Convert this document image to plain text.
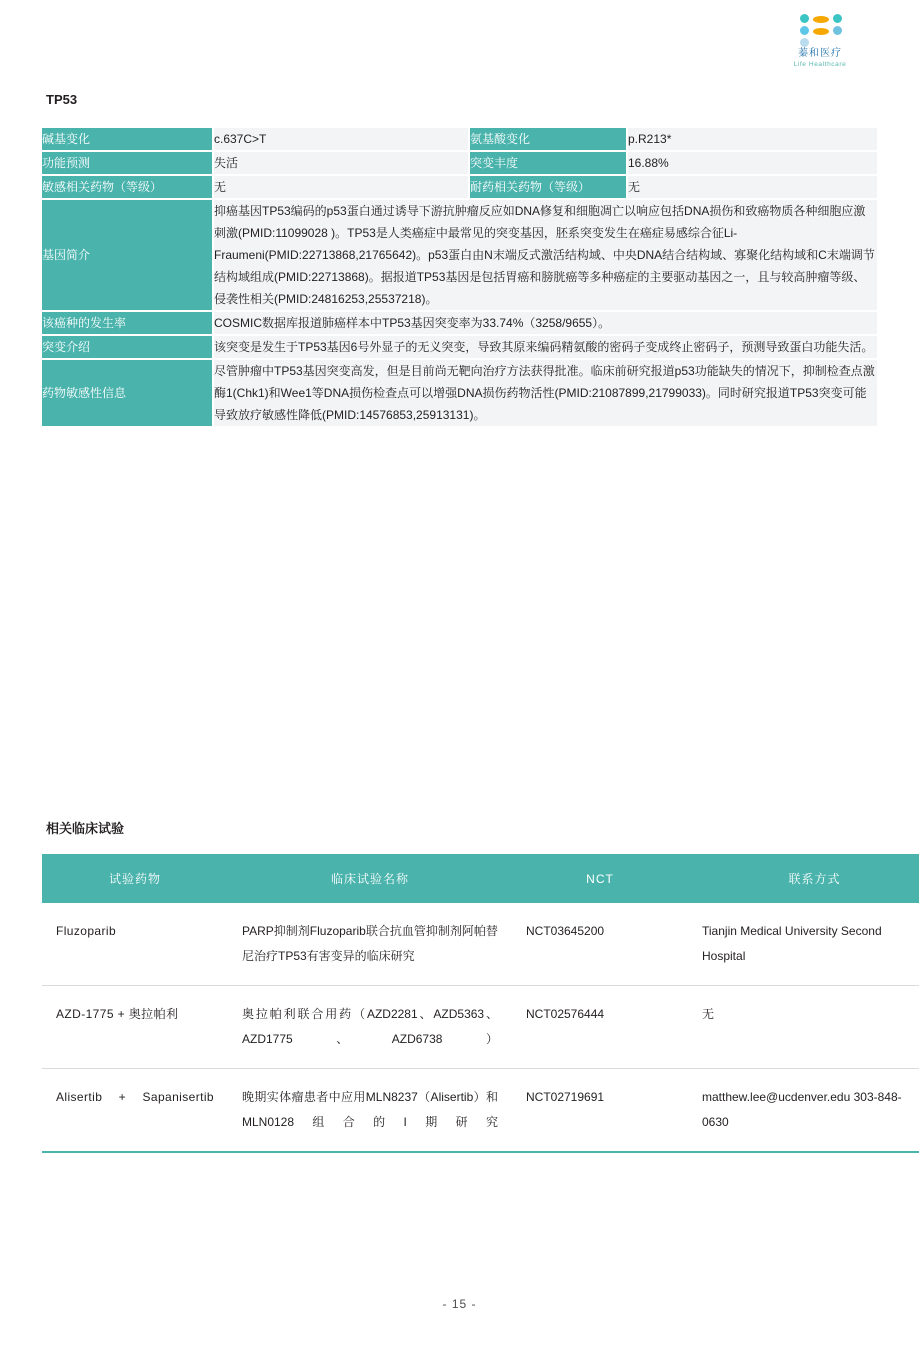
蓁和医疗
Life Healthcare
TP53
碱基变化	c.637C>T	氨基酸变化	p.R213*
功能预测	失活	突变丰度	16.88%
敏感相关药物（等级）	无	耐药相关药物（等级）	无
基因简介	抑癌基因TP53编码的p53蛋白通过诱导下游抗肿瘤反应如DNA修复和细胞凋亡以响应包括DNA损伤和致癌物质各种细胞应激刺激(PMID:11099028 )。TP53是人类癌症中最常见的突变基因，胚系突变发生在癌症易感综合征Li-Fraumeni(PMID:22713868,21765642)。p53蛋白由N末端反式激活结构域、中央DNA结合结构域、寡聚化结构域和C末端调节结构域组成(PMID:22713868)。据报道TP53基因是包括胃癌和膀胱癌等多种癌症的主要驱动基因之一，且与较高肿瘤等级、侵袭性相关(PMID:24816253,25537218)。		
该癌种的发生率	COSMIC数据库报道肺癌样本中TP53基因突变率为33.74%（3258/9655）。		
突变介绍	该突变是发生于TP53基因6号外显子的无义突变，导致其原来编码精氨酸的密码子变成终止密码子，预测导致蛋白功能失活。		
药物敏感性信息	尽管肿瘤中TP53基因突变高发，但是目前尚无靶向治疗方法获得批准。临床前研究报道p53功能缺失的情况下，抑制检查点激酶1(Chk1)和Wee1等DNA损伤检查点可以增强DNA损伤药物活性(PMID:21087899,21799033)。同时研究报道TP53突变可能导致放疗敏感性降低(PMID:14576853,25913131)。		
相关临床试验
试验药物	临床试验名称	NCT	联系方式
Fluzoparib	PARP抑制剂Fluzoparib联合抗血管抑制剂阿帕替尼治疗TP53有害变异的临床研究	NCT03645200	Tianjin Medical University Second Hospital
AZD-1775 + 奥拉帕利	奥拉帕利联合用药（AZD2281、AZD5363、AZD1775、AZD6738）	NCT02576444	无
Alisertib + Sapanisertib	晚期实体瘤患者中应用MLN8237（Alisertib）和MLN0128组合的I期研究	NCT02719691	matthew.lee@ucdenver.edu 303-848-0630
- 15 -
